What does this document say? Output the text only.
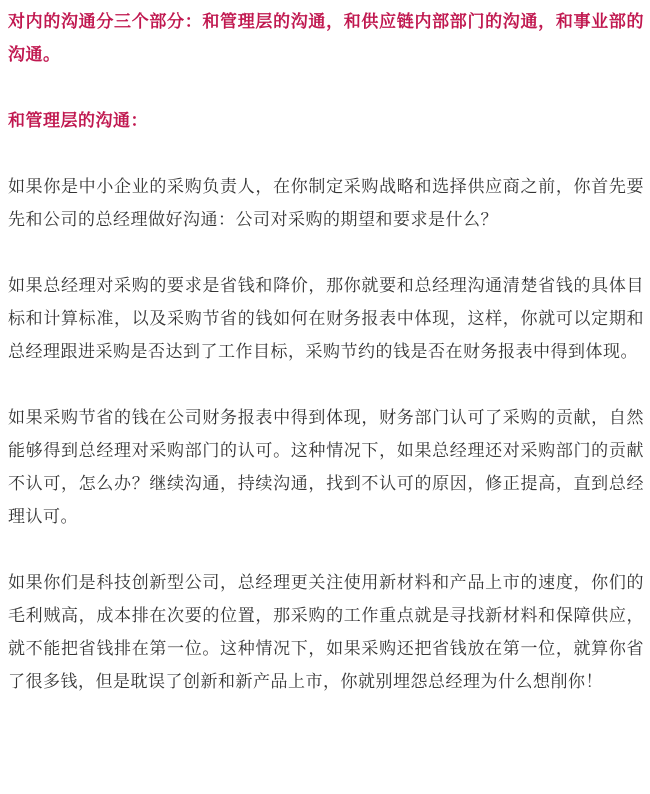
对内的沟通分三个部分：和管理层的沟通，和供应链内部部门的沟通，和事业部的沟通。

和管理层的沟通：

如果你是中小企业的采购负责人，在你制定采购战略和选择供应商之前，你首先要先和公司的总经理做好沟通：公司对采购的期望和要求是什么？

如果总经理对采购的要求是省钱和降价，那你就要和总经理沟通清楚省钱的具体目标和计算标准，以及采购节省的钱如何在财务报表中体现，这样，你就可以定期和总经理跟进采购是否达到了工作目标，采购节约的钱是否在财务报表中得到体现。

如果采购节省的钱在公司财务报表中得到体现，财务部门认可了采购的贡献，自然能够得到总经理对采购部门的认可。这种情况下，如果总经理还对采购部门的贡献不认可，怎么办？继续沟通，持续沟通，找到不认可的原因，修正提高，直到总经理认可。

如果你们是科技创新型公司，总经理更关注使用新材料和产品上市的速度，你们的毛利贼高，成本排在次要的位置，那采购的工作重点就是寻找新材料和保障供应，就不能把省钱排在第一位。这种情况下，如果采购还把省钱放在第一位，就算你省了很多钱，但是耽误了创新和新产品上市，你就别埋怨总经理为什么想削你！
